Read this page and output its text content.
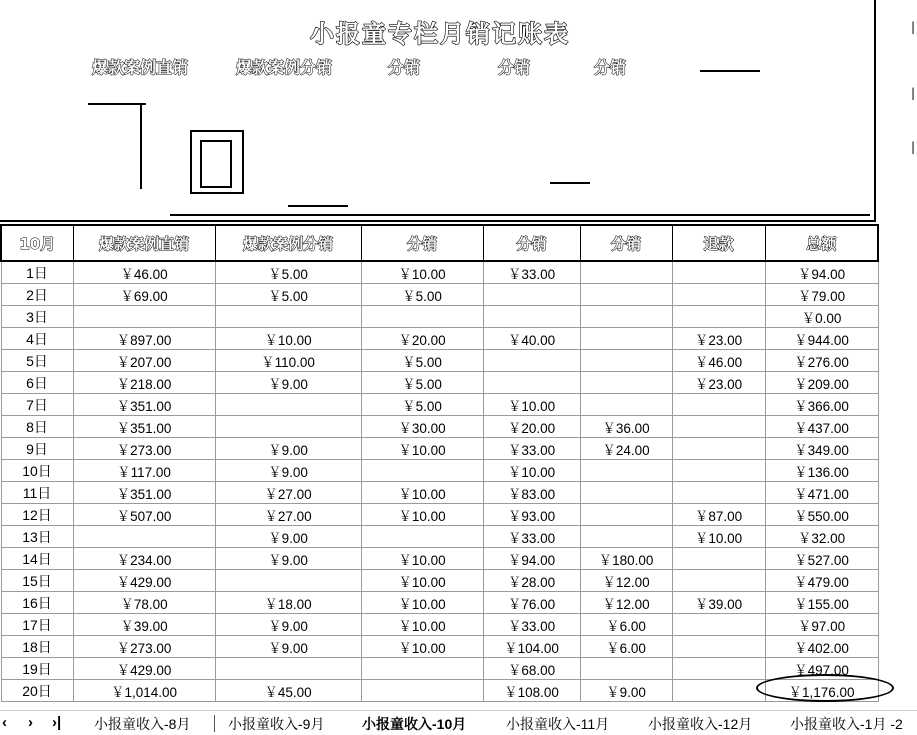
小报童专栏月销记账表
爆款案例直销	爆款案例分销	分销	分销	分销
|
|
|
10月	爆款案例直销	爆款案例分销	分销	分销	分销	退款	总额
1日	￥46.00	￥5.00	￥10.00	￥33.00			￥94.00
2日	￥69.00	￥5.00	￥5.00				￥79.00
3日							￥0.00
4日	￥897.00	￥10.00	￥20.00	￥40.00		￥23.00	￥944.00
5日	￥207.00	￥110.00	￥5.00			￥46.00	￥276.00
6日	￥218.00	￥9.00	￥5.00			￥23.00	￥209.00
7日	￥351.00		￥5.00	￥10.00			￥366.00
8日	￥351.00		￥30.00	￥20.00	￥36.00		￥437.00
9日	￥273.00	￥9.00	￥10.00	￥33.00	￥24.00		￥349.00
10日	￥117.00	￥9.00		￥10.00			￥136.00
11日	￥351.00	￥27.00	￥10.00	￥83.00			￥471.00
12日	￥507.00	￥27.00	￥10.00	￥93.00		￥87.00	￥550.00
13日		￥9.00		￥33.00		￥10.00	￥32.00
14日	￥234.00	￥9.00	￥10.00	￥94.00	￥180.00		￥527.00
15日	￥429.00		￥10.00	￥28.00	￥12.00		￥479.00
16日	￥78.00	￥18.00	￥10.00	￥76.00	￥12.00	￥39.00	￥155.00
17日	￥39.00	￥9.00	￥10.00	￥33.00	￥6.00		￥97.00
18日	￥273.00	￥9.00	￥10.00	￥104.00	￥6.00		￥402.00
19日	￥429.00			￥68.00			￥497.00
20日	￥1,014.00	￥45.00		￥108.00	￥9.00		￥1,176.00
‹ › ›| 小报童收入-8月	小报童收入-9月	小报童收入-10月	小报童收入-11月	小报童收入-12月	小报童收入-1月 -2
